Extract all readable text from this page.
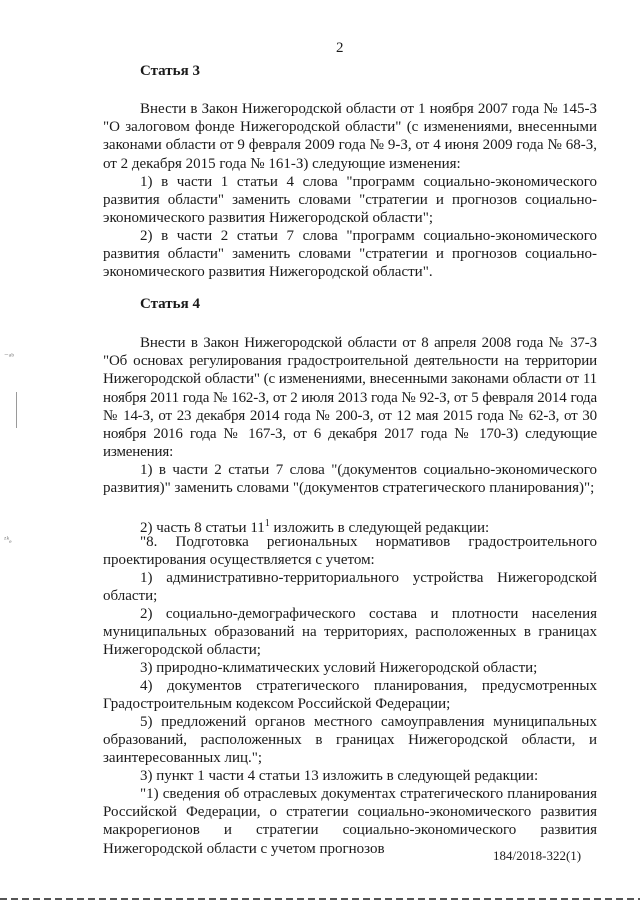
2
⁻ᵃᵇ
ᶻᵏₑ
Статья 3
Внести в Закон Нижегородской области от 1 ноября 2007 года № 145-З "О залоговом фонде Нижегородской области" (с изменениями, внесенными законами области от 9 февраля 2009 года № 9-З, от 4 июня 2009 года № 68-З, от 2 декабря 2015 года № 161-З) следующие изменения:
1) в части 1 статьи 4 слова "программ социально-экономического развития области" заменить словами "стратегии и прогнозов социально-экономического развития Нижегородской области";
2) в части 2 статьи 7 слова "программ социально-экономического развития области" заменить словами "стратегии и прогнозов социально-экономического развития Нижегородской области".
Статья 4
Внести в Закон Нижегородской области от 8 апреля 2008 года № 37-З "Об основах регулирования градостроительной деятельности на территории Нижегородской области" (с изменениями, внесенными законами области от 11 ноября 2011 года № 162-З, от 2 июля 2013 года № 92-З, от 5 февраля 2014 года № 14-З, от 23 декабря 2014 года № 200-З, от 12 мая 2015 года № 62-З, от 30 ноября 2016 года № 167-З, от 6 декабря 2017 года № 170-З) следующие изменения:
1) в части 2 статьи 7 слова "(документов социально-экономического развития)" заменить словами "(документов стратегического планирования)";
2) часть 8 статьи $11^1$ изложить в следующей редакции:
"8. Подготовка региональных нормативов градостроительного проектирования осуществляется с учетом:
1) административно-территориального устройства Нижегородской области;
2) социально-демографического состава и плотности населения муниципальных образований на территориях, расположенных в границах Нижегородской области;
3) природно-климатических условий Нижегородской области;
4) документов стратегического планирования, предусмотренных Градостроительным кодексом Российской Федерации;
5) предложений органов местного самоуправления муниципальных образований, расположенных в границах Нижегородской области, и заинтересованных лиц.";
3) пункт 1 части 4 статьи 13 изложить в следующей редакции:
"1) сведения об отраслевых документах стратегического планирования Российской Федерации, о стратегии социально-экономического развития макрорегионов и стратегии социально-экономического развития Нижегородской области с учетом прогнозов	184/2018-322(1)
